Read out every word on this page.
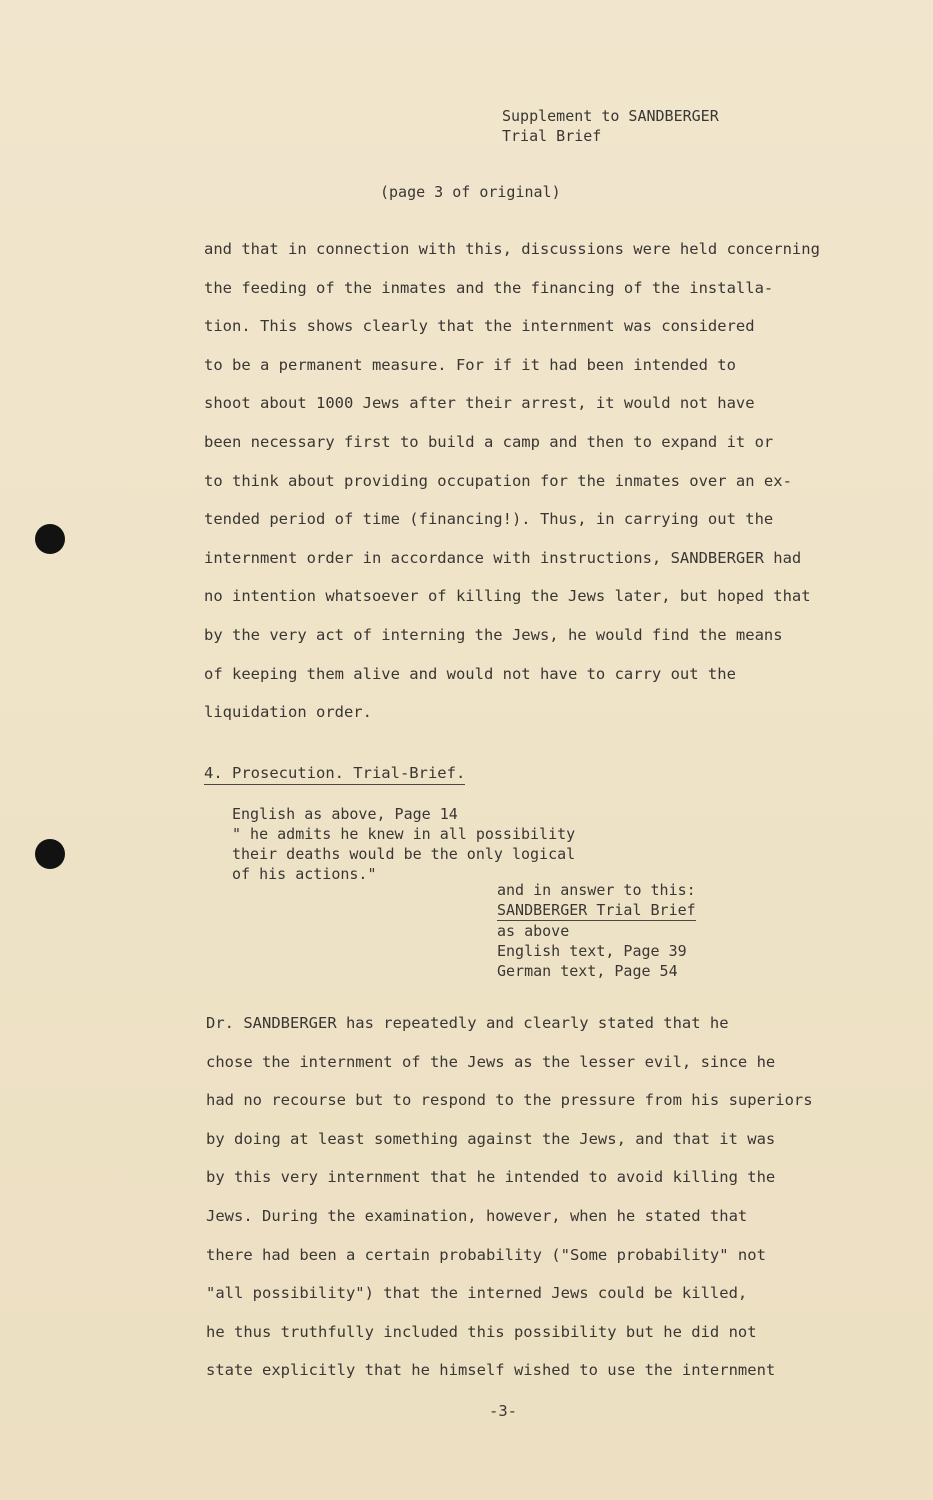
Supplement to SANDBERGER
Trial Brief
(page 3 of original)
and that in connection with this, discussions were held concerning
the feeding of the inmates and the financing of the installa-
tion. This shows clearly that the internment was considered
to be a permanent measure. For if it had been intended to
shoot about 1000 Jews after their arrest, it would not have
been necessary first to build a camp and then to expand it or
to think about providing occupation for the inmates over an ex-
tended period of time (financing!). Thus, in carrying out the
internment order in accordance with instructions, SANDBERGER had
no intention whatsoever of killing the Jews later, but hoped that
by the very act of interning the Jews, he would find the means
of keeping them alive and would not have to carry out the
liquidation order.
4. Prosecution. Trial-Brief.
English as above, Page 14
" he admits he knew in all possibility
their deaths would be the only logical
of his actions."
and in answer to this:
SANDBERGER Trial Brief
as above
English text, Page 39
German text, Page 54
Dr. SANDBERGER has repeatedly and clearly stated that he
chose the internment of the Jews as the lesser evil, since he
had no recourse but to respond to the pressure from his superiors
by doing at least something against the Jews, and that it was
by this very internment that he intended to avoid killing the
Jews. During the examination, however, when he stated that
there had been a certain probability ("Some probability" not
"all possibility") that the interned Jews could be killed,
he thus truthfully included this possibility but he did not
state explicitly that he himself wished to use the internment
-3-
